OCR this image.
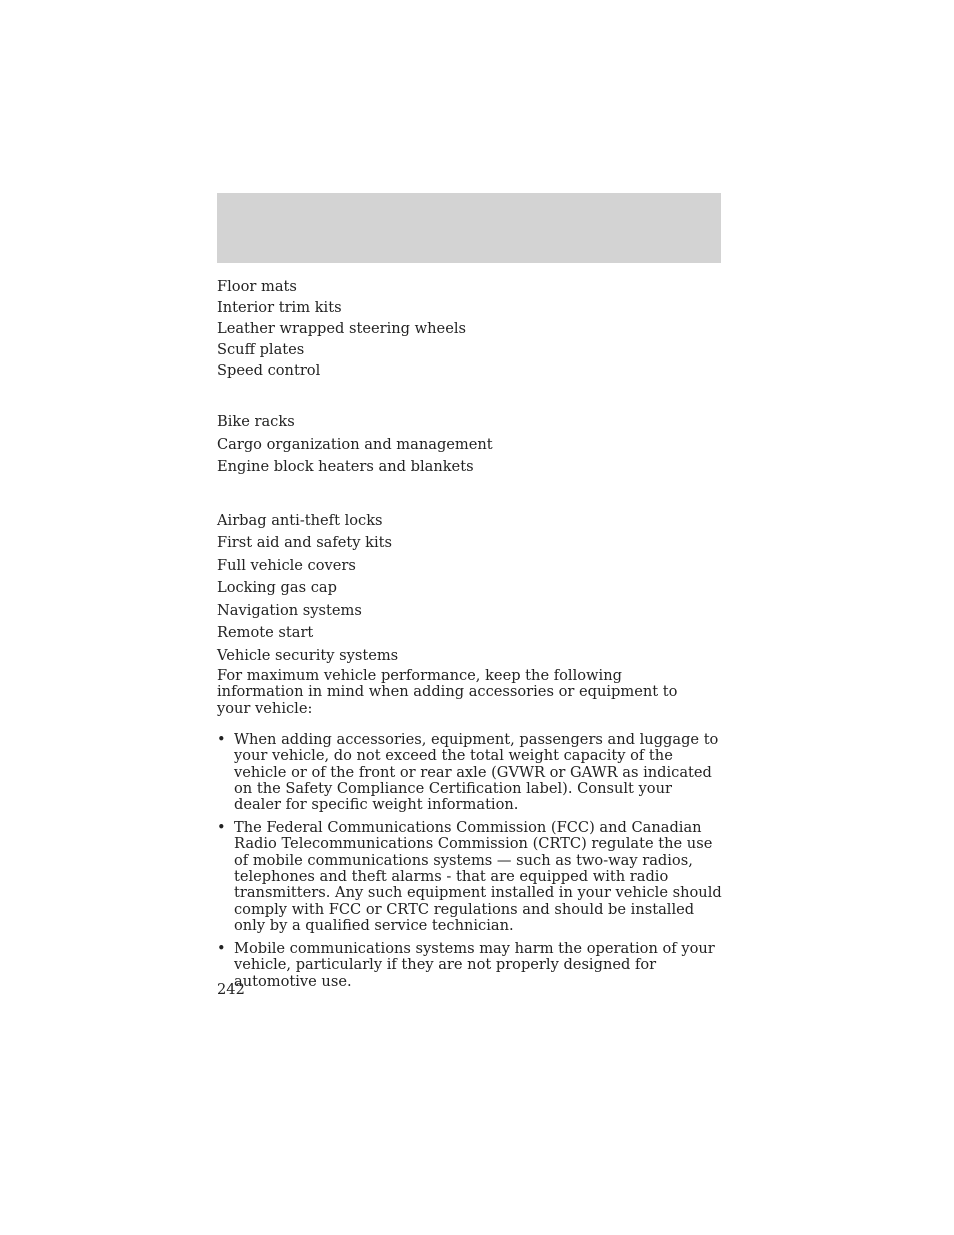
Floor mats
Interior trim kits
Leather wrapped steering wheels
Scuff plates
Speed control
Bike racks
Cargo organization and management
Engine block heaters and blankets
Airbag anti-theft locks
First aid and safety kits
Full vehicle covers
Locking gas cap
Navigation systems
Remote start
Vehicle security systems

For maximum vehicle performance, keep the following information in mind when adding accessories or equipment to your vehicle:

• When adding accessories, equipment, passengers and luggage to your vehicle, do not exceed the total weight capacity of the vehicle or of the front or rear axle (GVWR or GAWR as indicated on the Safety Compliance Certification label). Consult your dealer for specific weight information.
• The Federal Communications Commission (FCC) and Canadian Radio Telecommunications Commission (CRTC) regulate the use of mobile communications systems — such as two-way radios, telephones and theft alarms - that are equipped with radio transmitters. Any such equipment installed in your vehicle should comply with FCC or CRTC regulations and should be installed only by a qualified service technician.
• Mobile communications systems may harm the operation of your vehicle, particularly if they are not properly designed for automotive use.
242
